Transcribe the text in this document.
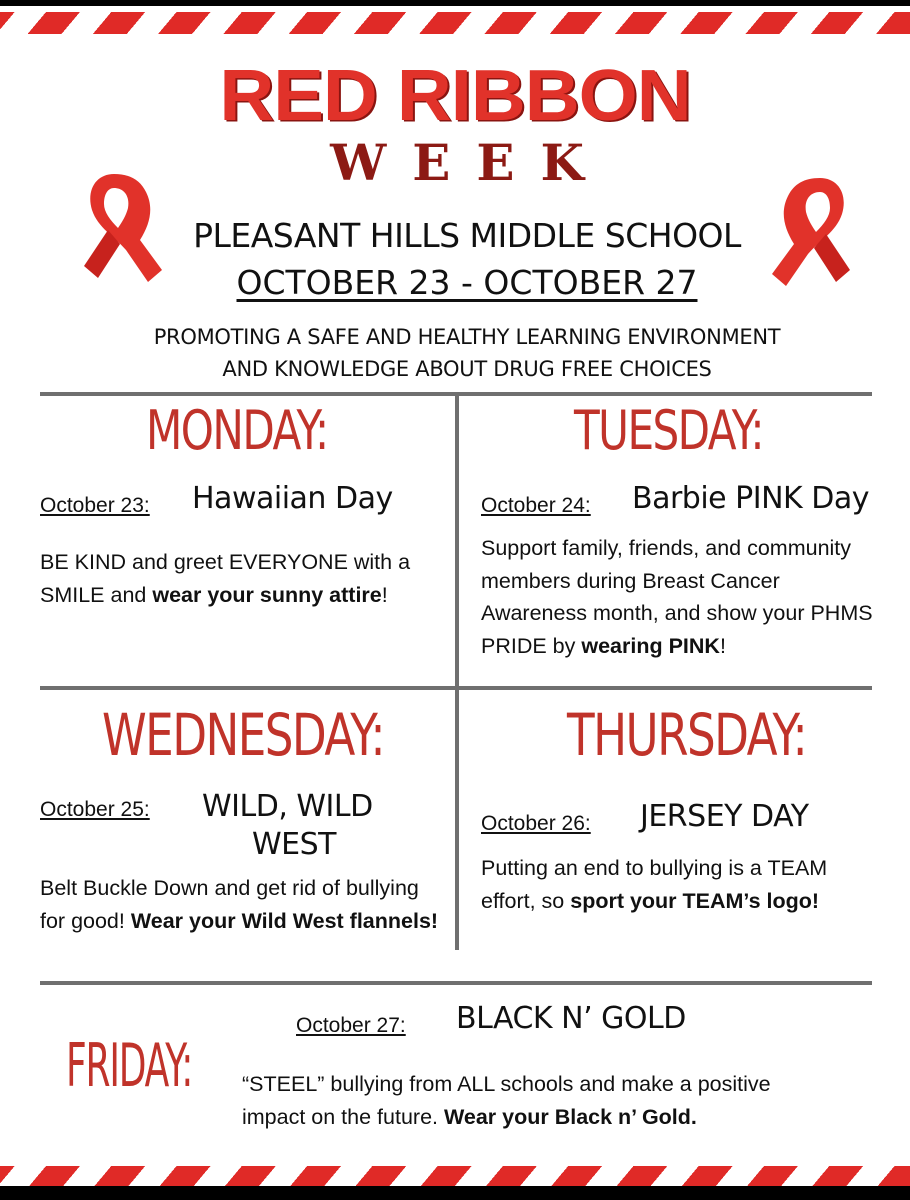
RED RIBBON
WEEK
PLEASANT HILLS MIDDLE SCHOOL
OCTOBER 23 - OCTOBER 27
PROMOTING A SAFE AND HEALTHY LEARNING ENVIRONMENT
AND KNOWLEDGE ABOUT DRUG FREE CHOICES
MONDAY:
October 23: Hawaiian Day
BE KIND and greet EVERYONE with a SMILE and wear your sunny attire!
TUESDAY:
October 24: Barbie PINK Day
Support family, friends, and community members during Breast Cancer Awareness month, and show your PHMS PRIDE by wearing PINK!
WEDNESDAY:
October 25: WILD, WILD
WEST
Belt Buckle Down and get rid of bullying for good! Wear your Wild West flannels!
THURSDAY:
October 26: JERSEY DAY
Putting an end to bullying is a TEAM effort, so sport your TEAM’s logo!
FRIDAY:
October 27: BLACK N’ GOLD
“STEEL” bullying from ALL schools and make a positive
impact on the future. Wear your Black n’ Gold.
